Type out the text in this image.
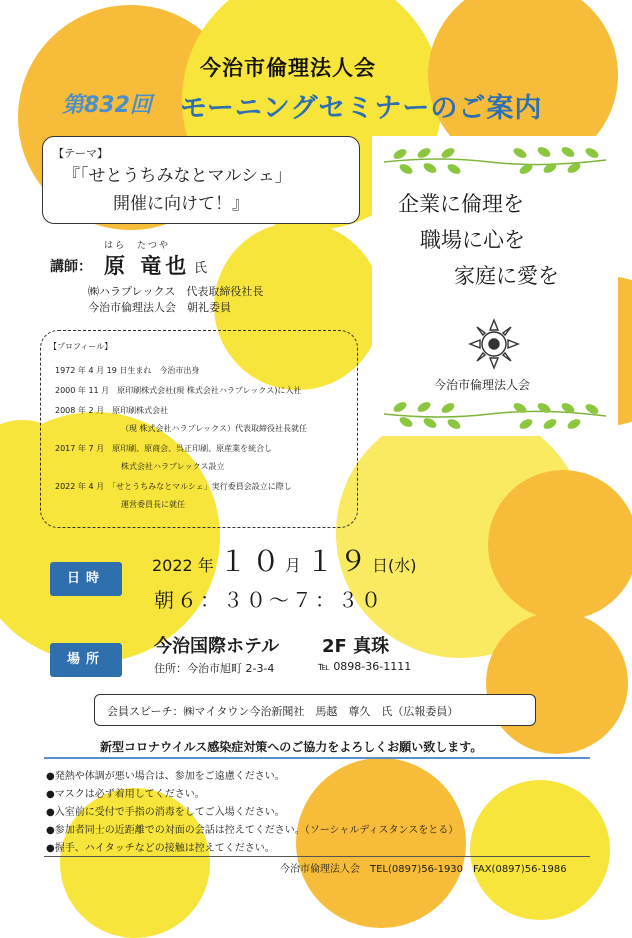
今治市倫理法人会
第832回 モーニングセミナーのご案内
【テーマ】
『「せとうちみなとマルシェ」
開催に向けて！』	企業に倫理を
職場に心を
家庭に愛を
今治市倫理法人会
講師：
はら　たつや
原 竜也 氏
㈱ハラプレックス　代表取締役社長
今治市倫理法人会　朝礼委員
【プロフィール】
1972 年 4 月 19 日生まれ　今治市出身
2000 年 11 月　原印刷株式会社(現 株式会社ハラプレックス)に入社
2008 年 2 月　原印刷株式会社
（現 株式会社ハラプレックス）代表取締役社長就任
2017 年 7 月　原印刷、原商会、呉正印刷、原産業を統合し
株式会社ハラプレックス設立
2022 年 4 月　「せとうちみなとマルシェ」実行委員会設立に際し
運営委員長に就任
日時
2022 年 １０月 １９日(水)
朝６：３０～７：３０
場所
今治国際ホテル 2F 真珠
住所：今治市旭町 2-3-4	℡ 0898-36-1111
会員スピーチ：㈱マイタウン今治新聞社　馬越　尊久　氏（広報委員）
新型コロナウイルス感染症対策へのご協力をよろしくお願い致します。
●発熱や体調が悪い場合は、参加をご遠慮ください。
●マスクは必ず着用してください。
●入室前に受付で手指の消毒をしてご入場ください。
●参加者同士の近距離での対面の会話は控えてください。（ソーシャルディスタンスをとる）
●握手、ハイタッチなどの接触は控えてください。
今治市倫理法人会　TEL(0897)56-1930　FAX(0897)56-1986
